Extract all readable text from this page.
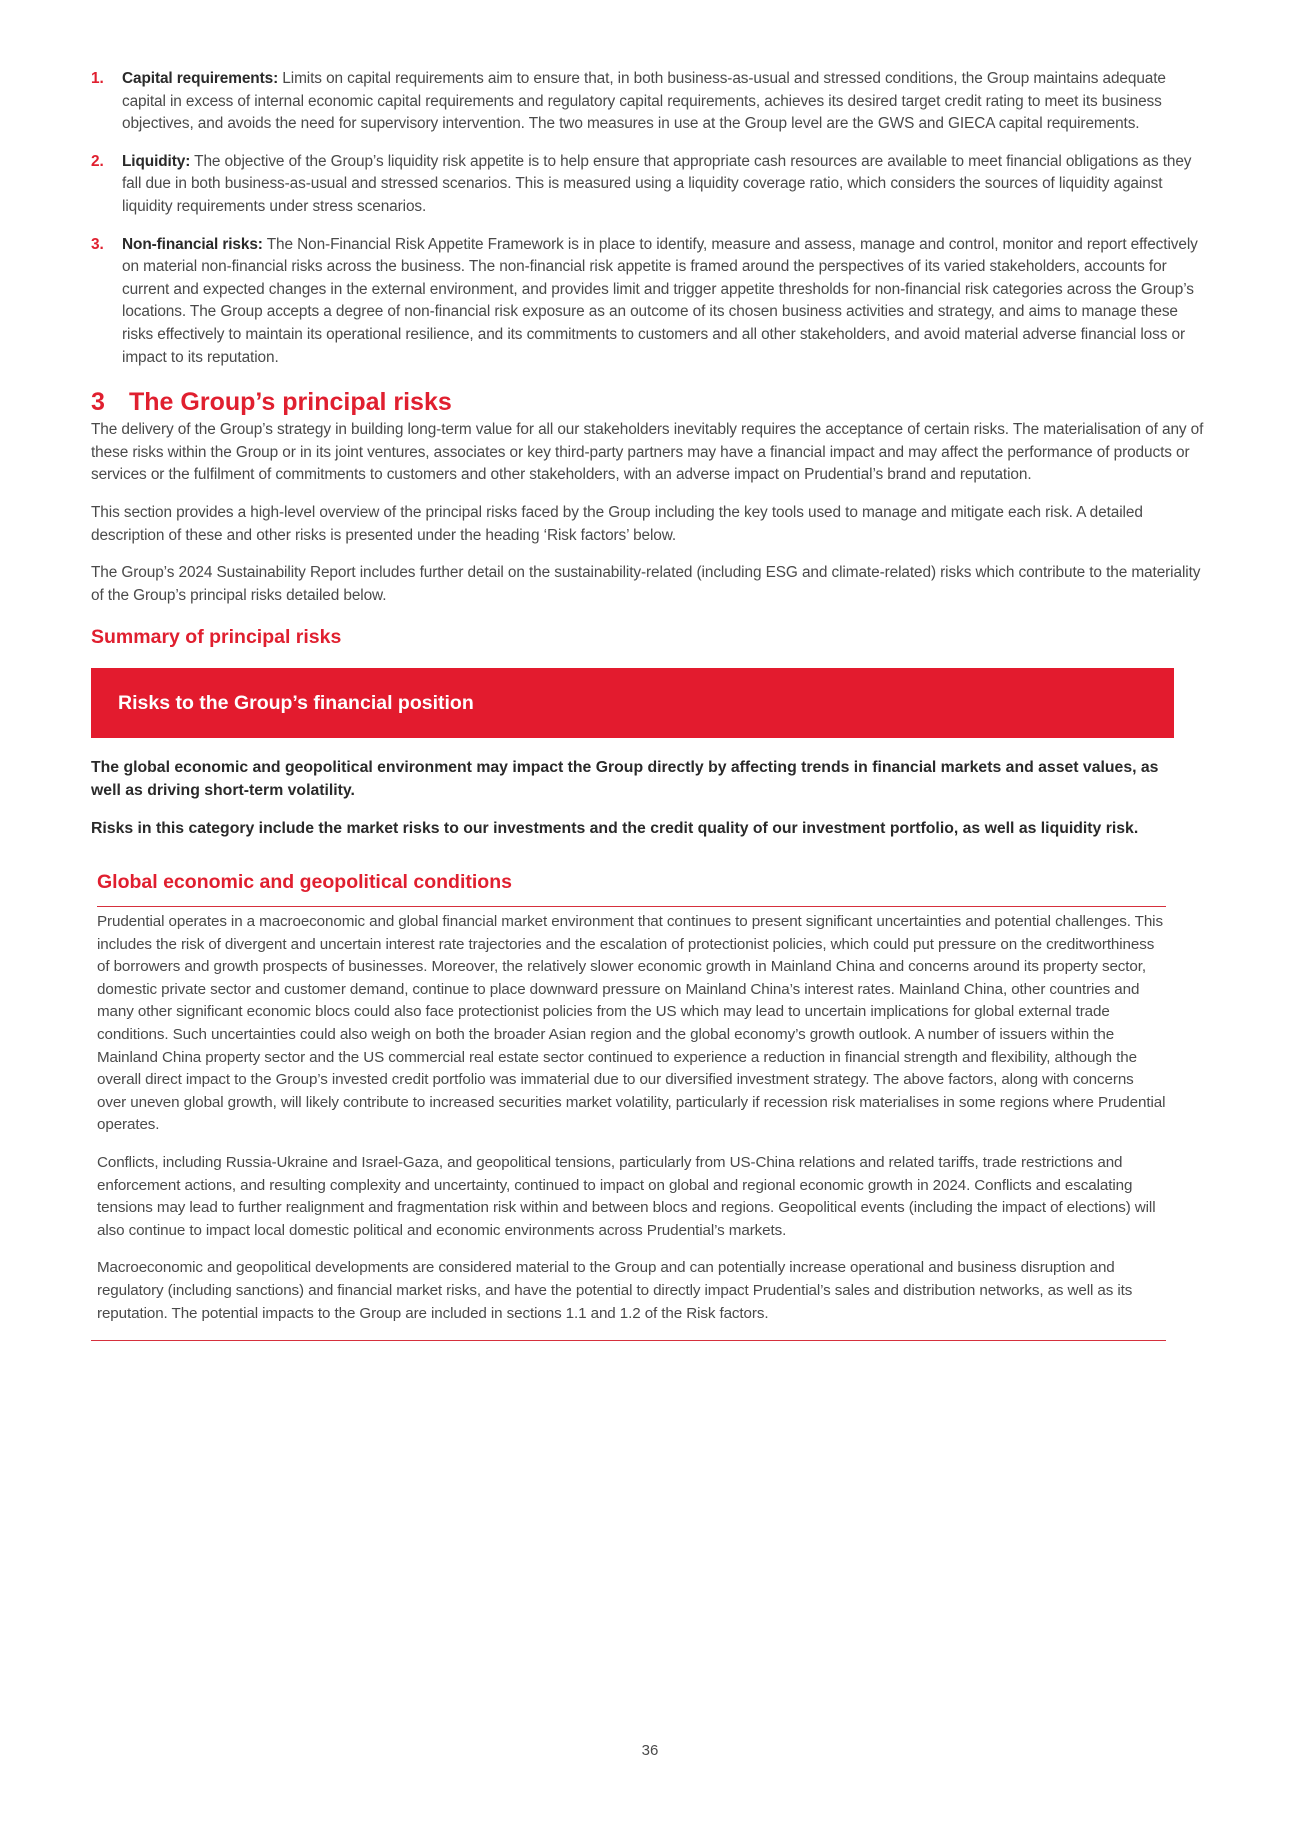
1.	Capital requirements: Limits on capital requirements aim to ensure that, in both business-as-usual and stressed conditions, the Group maintains adequate capital in excess of internal economic capital requirements and regulatory capital requirements, achieves its desired target credit rating to meet its business objectives, and avoids the need for supervisory intervention. The two measures in use at the Group level are the GWS and GIECA capital requirements.
2.	Liquidity: The objective of the Group’s liquidity risk appetite is to help ensure that appropriate cash resources are available to meet financial obligations as they fall due in both business-as-usual and stressed scenarios. This is measured using a liquidity coverage ratio, which considers the sources of liquidity against liquidity requirements under stress scenarios.
3.	Non-financial risks: The Non-Financial Risk Appetite Framework is in place to identify, measure and assess, manage and control, monitor and report effectively on material non-financial risks across the business. The non-financial risk appetite is framed around the perspectives of its varied stakeholders, accounts for current and expected changes in the external environment, and provides limit and trigger appetite thresholds for non-financial risk categories across the Group’s locations. The Group accepts a degree of non-financial risk exposure as an outcome of its chosen business activities and strategy, and aims to manage these risks effectively to maintain its operational resilience, and its commitments to customers and all other stakeholders, and avoid material adverse financial loss or impact to its reputation.
3 The Group’s principal risks

The delivery of the Group’s strategy in building long-term value for all our stakeholders inevitably requires the acceptance of certain risks. The materialisation of any of these risks within the Group or in its joint ventures, associates or key third-party partners may have a financial impact and may affect the performance of products or services or the fulfilment of commitments to customers and other stakeholders, with an adverse impact on Prudential’s brand and reputation.

This section provides a high-level overview of the principal risks faced by the Group including the key tools used to manage and mitigate each risk. A detailed description of these and other risks is presented under the heading ‘Risk factors’ below.

The Group’s 2024 Sustainability Report includes further detail on the sustainability-related (including ESG and climate-related) risks which contribute to the materiality of the Group’s principal risks detailed below.

Summary of principal risks
Risks to the Group’s financial position

The global economic and geopolitical environment may impact the Group directly by affecting trends in financial markets and asset values, as well as driving short-term volatility.

Risks in this category include the market risks to our investments and the credit quality of our investment portfolio, as well as liquidity risk.

Global economic and geopolitical conditions

Prudential operates in a macroeconomic and global financial market environment that continues to present significant uncertainties and potential challenges. This includes the risk of divergent and uncertain interest rate trajectories and the escalation of protectionist policies, which could put pressure on the creditworthiness of borrowers and growth prospects of businesses. Moreover, the relatively slower economic growth in Mainland China and concerns around its property sector, domestic private sector and customer demand, continue to place downward pressure on Mainland China’s interest rates. Mainland China, other countries and many other significant economic blocs could also face protectionist policies from the US which may lead to uncertain implications for global external trade conditions. Such uncertainties could also weigh on both the broader Asian region and the global economy’s growth outlook. A number of issuers within the Mainland China property sector and the US commercial real estate sector continued to experience a reduction in financial strength and flexibility, although the overall direct impact to the Group’s invested credit portfolio was immaterial due to our diversified investment strategy. The above factors, along with concerns over uneven global growth, will likely contribute to increased securities market volatility, particularly if recession risk materialises in some regions where Prudential operates.

Conflicts, including Russia-Ukraine and Israel-Gaza, and geopolitical tensions, particularly from US-China relations and related tariffs, trade restrictions and enforcement actions, and resulting complexity and uncertainty, continued to impact on global and regional economic growth in 2024. Conflicts and escalating tensions may lead to further realignment and fragmentation risk within and between blocs and regions. Geopolitical events (including the impact of elections) will also continue to impact local domestic political and economic environments across Prudential’s markets.

Macroeconomic and geopolitical developments are considered material to the Group and can potentially increase operational and business disruption and regulatory (including sanctions) and financial market risks, and have the potential to directly impact Prudential’s sales and distribution networks, as well as its reputation. The potential impacts to the Group are included in sections 1.1 and 1.2 of the Risk factors.

36
